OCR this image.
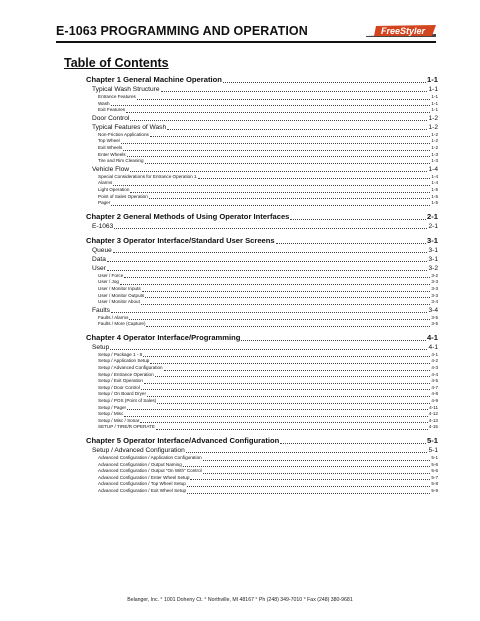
E-1063 PROGRAMMING AND OPERATION	FreeStyler
Table of Contents
Chapter 1 General Machine Operation	1-1
Typical Wash Structure	1-1
Entrance Features	1-1
Wash	1-1
Exit Features	1-1
Door Control	1-2
Typical Features of Wash	1-2
Non-Friction Applications	1-2
Top Wheel	1-2
Exit Wheels	1-2
Enter Wheels	1-3
Tire and Rim Cleaning	1-3
Vehicle Flow	1-4
Special Considerations for Entrance Operation 1	1-4
Alarms	1-4
Light Operation	1-5
Point of Sales Operation	1-5
Pager	1-5
Chapter 2 General Methods of Using Operator Interfaces	2-1
E-1063	2-1
Chapter 3 Operator Interface/Standard User Screens	3-1
Queue	3-1
Data	3-1
User	3-2
User / Force	3-2
User / Jog	3-3
User / Monitor Inputs	3-3
User / Monitor Outputs	3-3
User / Monitor About	3-4
Faults	3-4
Faults / Alarms	3-5
Faults / More (Capture)	3-5
Chapter 4 Operator Interface/Programming	4-1
Setup	4-1
Setup / Package 1 - 8	4-1
Setup / Application Setup	4-2
Setup / Advanced Configuration	4-3
Setup / Entrance Operation	4-4
Setup / Exit Operation	4-5
Setup / Door Control	4-7
Setup / On Board Dryer	4-8
Setup / POS (Point of Sales)	4-9
Setup / Pager	4-11
Setup / Misc	4-12
Setup / Misc / Sonar	4-13
SETUP / TIRE/R OPERATE	4-15
Chapter 5 Operator Interface/Advanced Configuration	5-1
Setup / Advanced Configuration	5-1
Advanced Configuration / Application Configuration	5-1
Advanced Configuration / Output Naming	5-6
Advanced Configuration / Output “On With” Control	5-6
Advanced Configuration / Enter Wheel Setup	5-7
Advanced Configuration / Top Wheel Setup	5-8
Advanced Configuration / Exit Wheel Setup	5-9
Belanger, Inc. ° 1001 Doheny Ct. ° Northville, MI 48167 ° Ph (248) 349-7010 ° Fax (248) 380-9681
